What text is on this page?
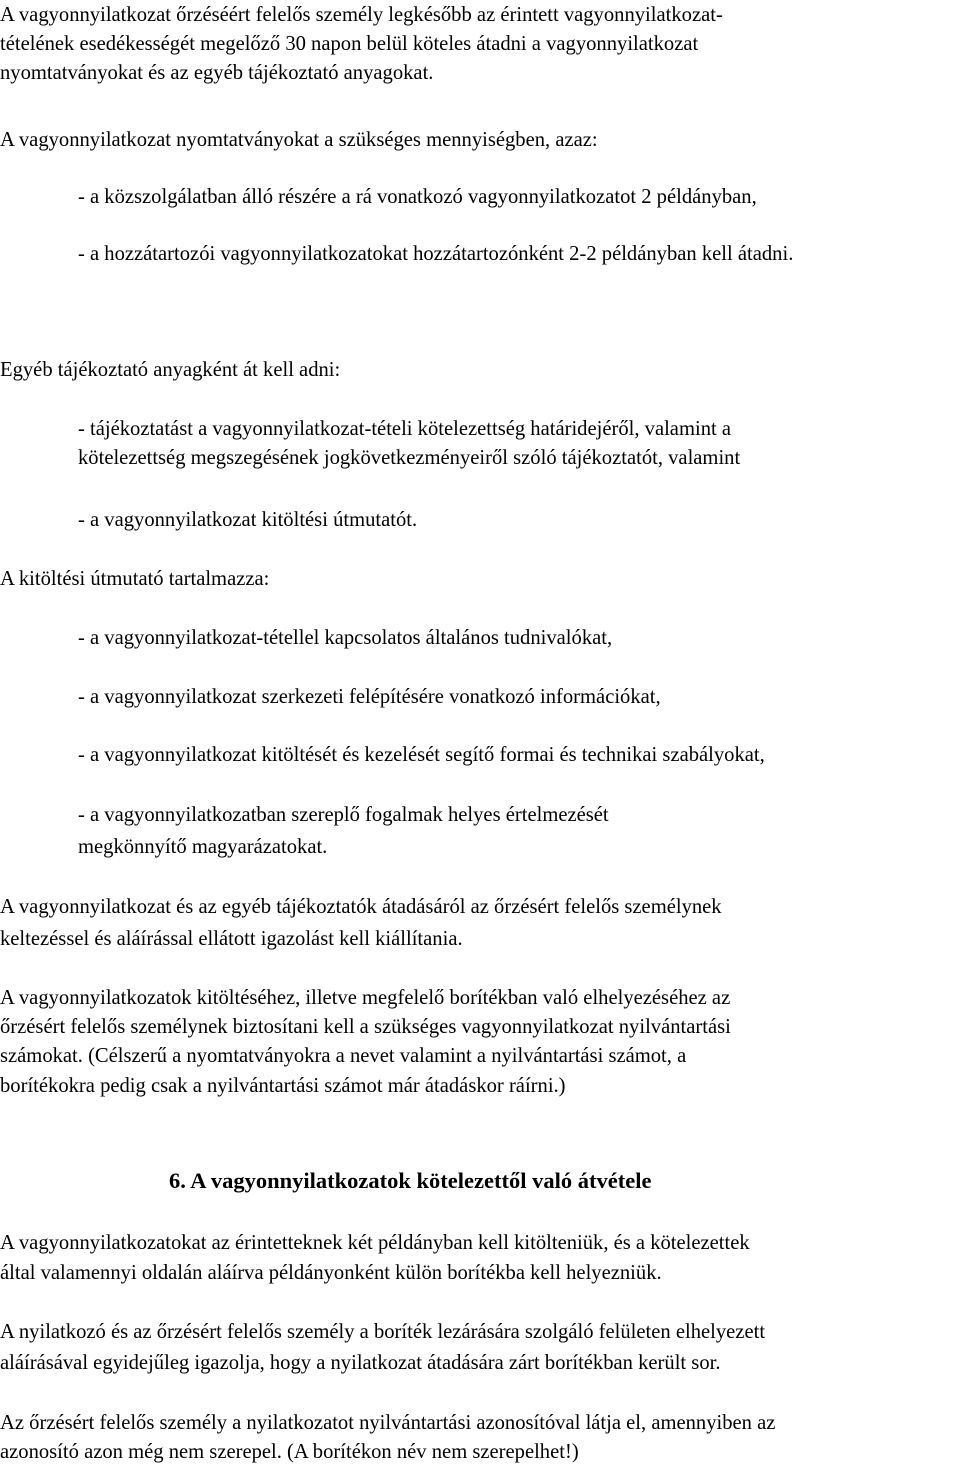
A vagyonnyilatkozat őrzéséért felelős személy legkésőbb az érintett vagyonnyilatkozat-

tételének esedékességét megelőző 30 napon belül köteles átadni a vagyonnyilatkozat

nyomtatványokat és az egyéb tájékoztató anyagokat.

A vagyonnyilatkozat nyomtatványokat a szükséges mennyiségben, azaz:

- a közszolgálatban álló részére a rá vonatkozó vagyonnyilatkozatot 2 példányban,

- a hozzátartozói vagyonnyilatkozatokat hozzátartozónként 2-2 példányban kell átadni.

Egyéb tájékoztató anyagként át kell adni:

- tájékoztatást a vagyonnyilatkozat-tételi kötelezettség határidejéről, valamint a

kötelezettség megszegésének jogkövetkezményeiről szóló tájékoztatót, valamint

- a vagyonnyilatkozat kitöltési útmutatót.

A kitöltési útmutató tartalmazza:

- a vagyonnyilatkozat-tétellel kapcsolatos általános tudnivalókat,

- a vagyonnyilatkozat szerkezeti felépítésére vonatkozó információkat,

- a vagyonnyilatkozat kitöltését és kezelését segítő formai és technikai szabályokat,

- a vagyonnyilatkozatban szereplő fogalmak helyes értelmezését

megkönnyítő magyarázatokat.

A vagyonnyilatkozat és az egyéb tájékoztatók átadásáról az őrzésért felelős személynek

keltezéssel és aláírással ellátott igazolást kell kiállítania.

A vagyonnyilatkozatok kitöltéséhez, illetve megfelelő borítékban való elhelyezéséhez az

őrzésért felelős személynek biztosítani kell a szükséges vagyonnyilatkozat nyilvántartási

számokat. (Célszerű a nyomtatványokra a nevet valamint a nyilvántartási számot, a

borítékokra pedig csak a nyilvántartási számot már átadáskor ráírni.)

6. A vagyonnyilatkozatok kötelezettől való átvétele

A vagyonnyilatkozatokat az érintetteknek két példányban kell kitölteniük, és a kötelezettek

által valamennyi oldalán aláírva példányonként külön borítékba kell helyezniük.

A nyilatkozó és az őrzésért felelős személy a boríték lezárására szolgáló felületen elhelyezett

aláírásával egyidejűleg igazolja, hogy a nyilatkozat átadására zárt borítékban került sor.

Az őrzésért felelős személy a nyilatkozatot nyilvántartási azonosítóval látja el, amennyiben az

azonosító azon még nem szerepel. (A borítékon név nem szerepelhet!)
